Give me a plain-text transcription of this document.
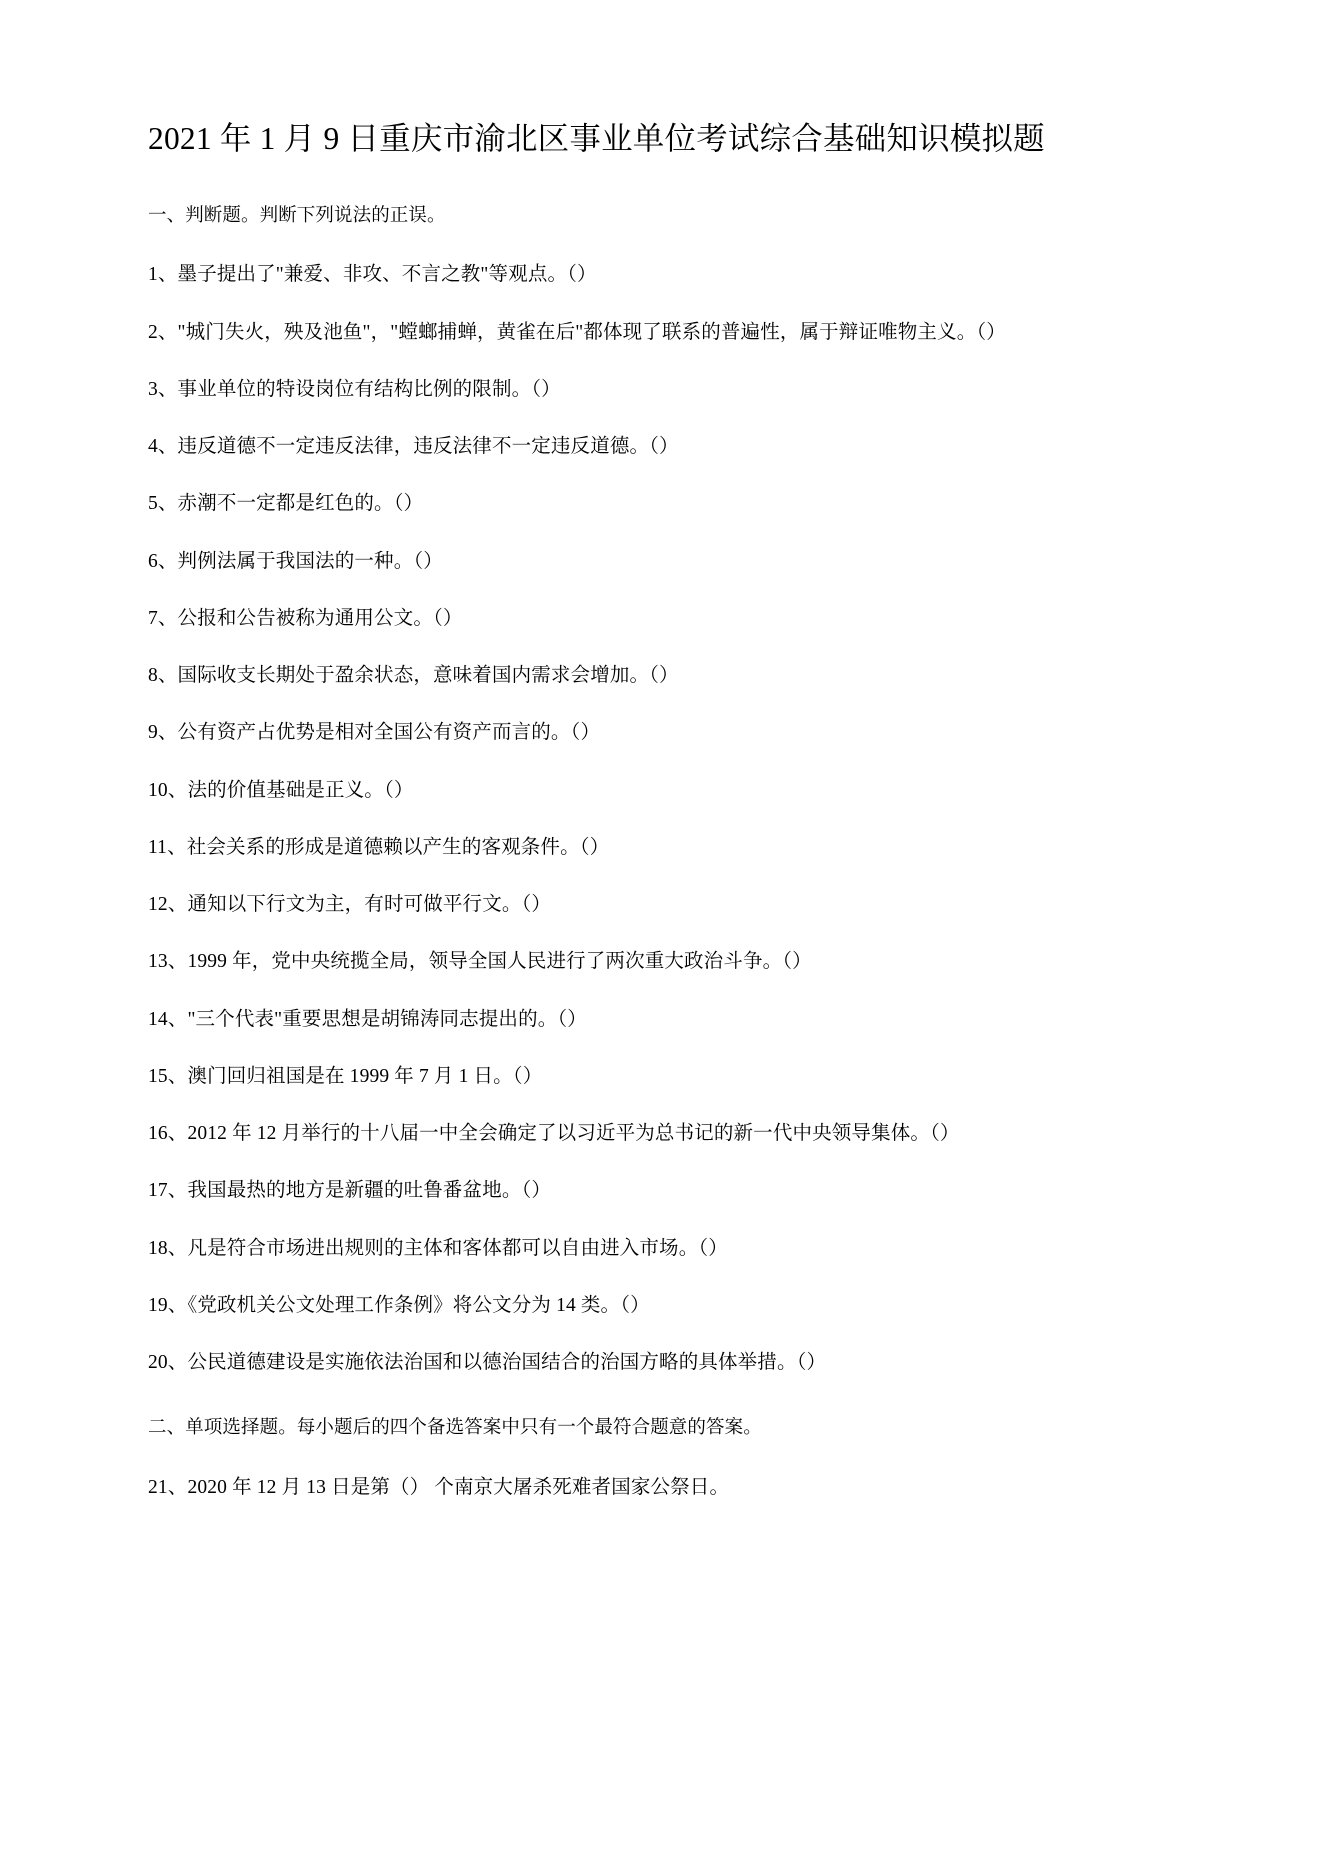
2021 年 1 月 9 日重庆市渝北区事业单位考试综合基础知识模拟题

一、判断题。判断下列说法的正误。

1、墨子提出了"兼爱、非攻、不言之教"等观点。（）

2、"城门失火，殃及池鱼"，"螳螂捕蝉，黄雀在后"都体现了联系的普遍性，属于辩证唯物主义。（）

3、事业单位的特设岗位有结构比例的限制。（）

4、违反道德不一定违反法律，违反法律不一定违反道德。（）

5、赤潮不一定都是红色的。（）

6、判例法属于我国法的一种。（）

7、公报和公告被称为通用公文。（）

8、国际收支长期处于盈余状态，意味着国内需求会增加。（）

9、公有资产占优势是相对全国公有资产而言的。（）

10、法的价值基础是正义。（）

11、社会关系的形成是道德赖以产生的客观条件。（）

12、通知以下行文为主，有时可做平行文。（）

13、1999 年，党中央统揽全局，领导全国人民进行了两次重大政治斗争。（）

14、"三个代表"重要思想是胡锦涛同志提出的。（）

15、澳门回归祖国是在 1999 年 7 月 1 日。（）

16、2012 年 12 月举行的十八届一中全会确定了以习近平为总书记的新一代中央领导集体。（）

17、我国最热的地方是新疆的吐鲁番盆地。（）

18、凡是符合市场进出规则的主体和客体都可以自由进入市场。（）

19、《党政机关公文处理工作条例》将公文分为 14 类。（）

20、公民道德建设是实施依法治国和以德治国结合的治国方略的具体举措。（）

二、单项选择题。每小题后的四个备选答案中只有一个最符合题意的答案。

21、2020 年 12 月 13 日是第（） 个南京大屠杀死难者国家公祭日。
